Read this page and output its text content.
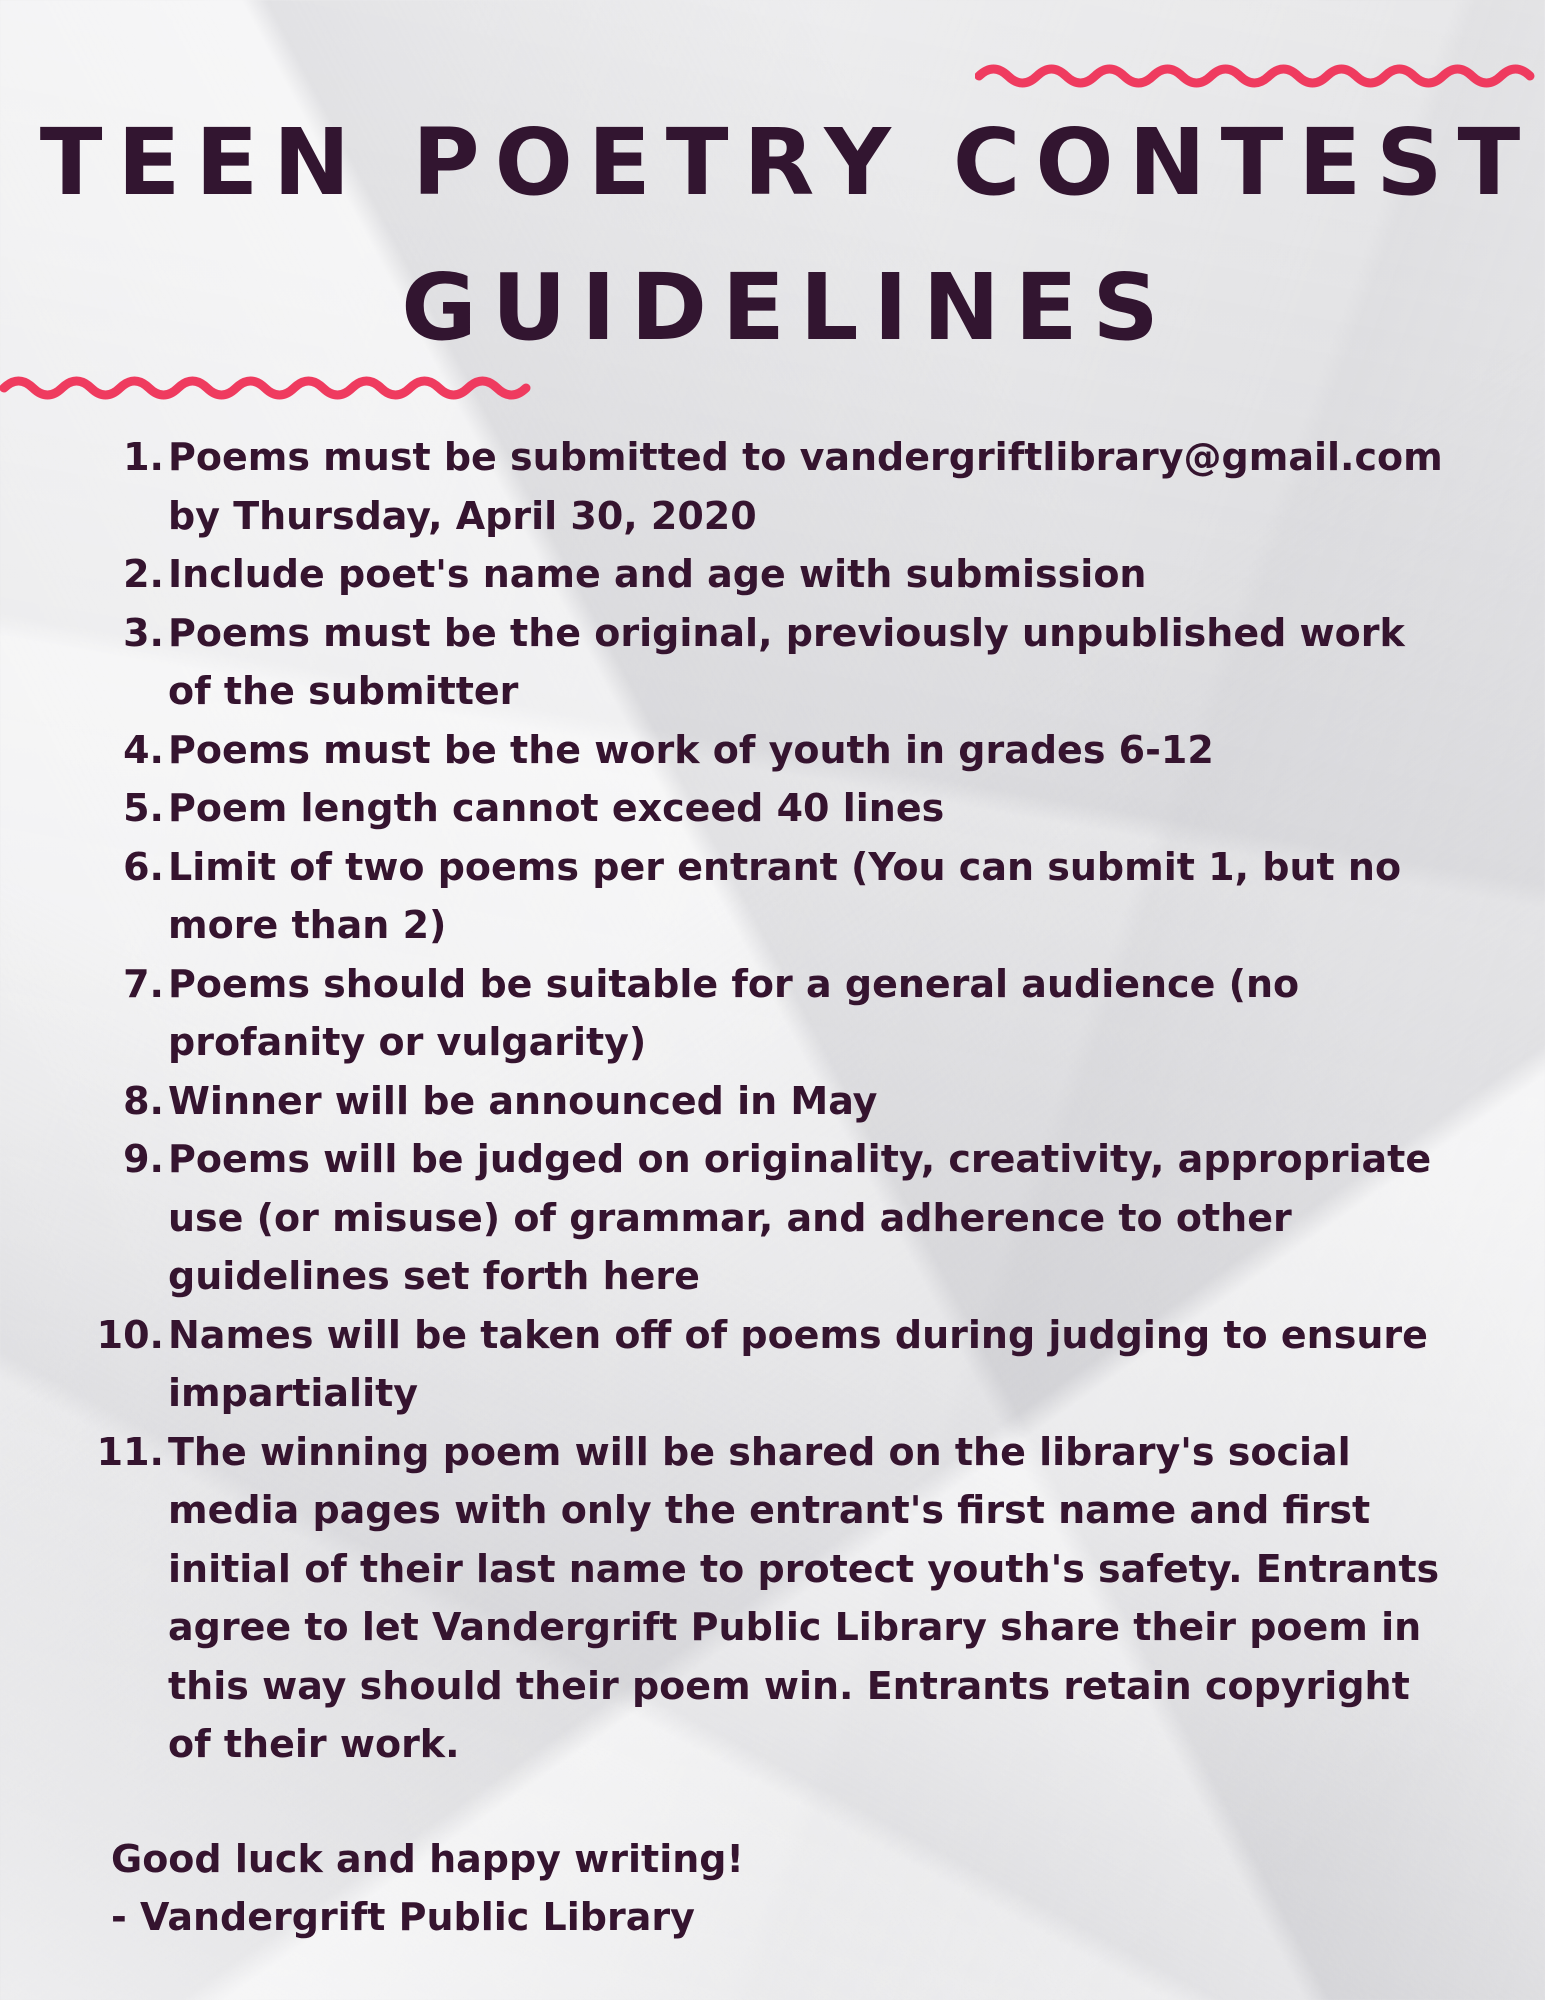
TEEN POETRY CONTEST
GUIDELINES
1. Poems must be submitted to vandergriftlibrary@gmail.com by Thursday, April 30, 2020
2. Include poet's name and age with submission
3. Poems must be the original, previously unpublished work of the submitter
4. Poems must be the work of youth in grades 6-12
5. Poem length cannot exceed 40 lines
6. Limit of two poems per entrant (You can submit 1, but no more than 2)
7. Poems should be suitable for a general audience (no profanity or vulgarity)
8. Winner will be announced in May
9. Poems will be judged on originality, creativity, appropriate use (or misuse) of grammar, and adherence to other guidelines set forth here
10. Names will be taken off of poems during judging to ensure impartiality
11. The winning poem will be shared on the library's social media pages with only the entrant's first name and first initial of their last name to protect youth's safety. Entrants agree to let Vandergrift Public Library share their poem in this way should their poem win. Entrants retain copyright of their work.
Good luck and happy writing!
- Vandergrift Public Library
